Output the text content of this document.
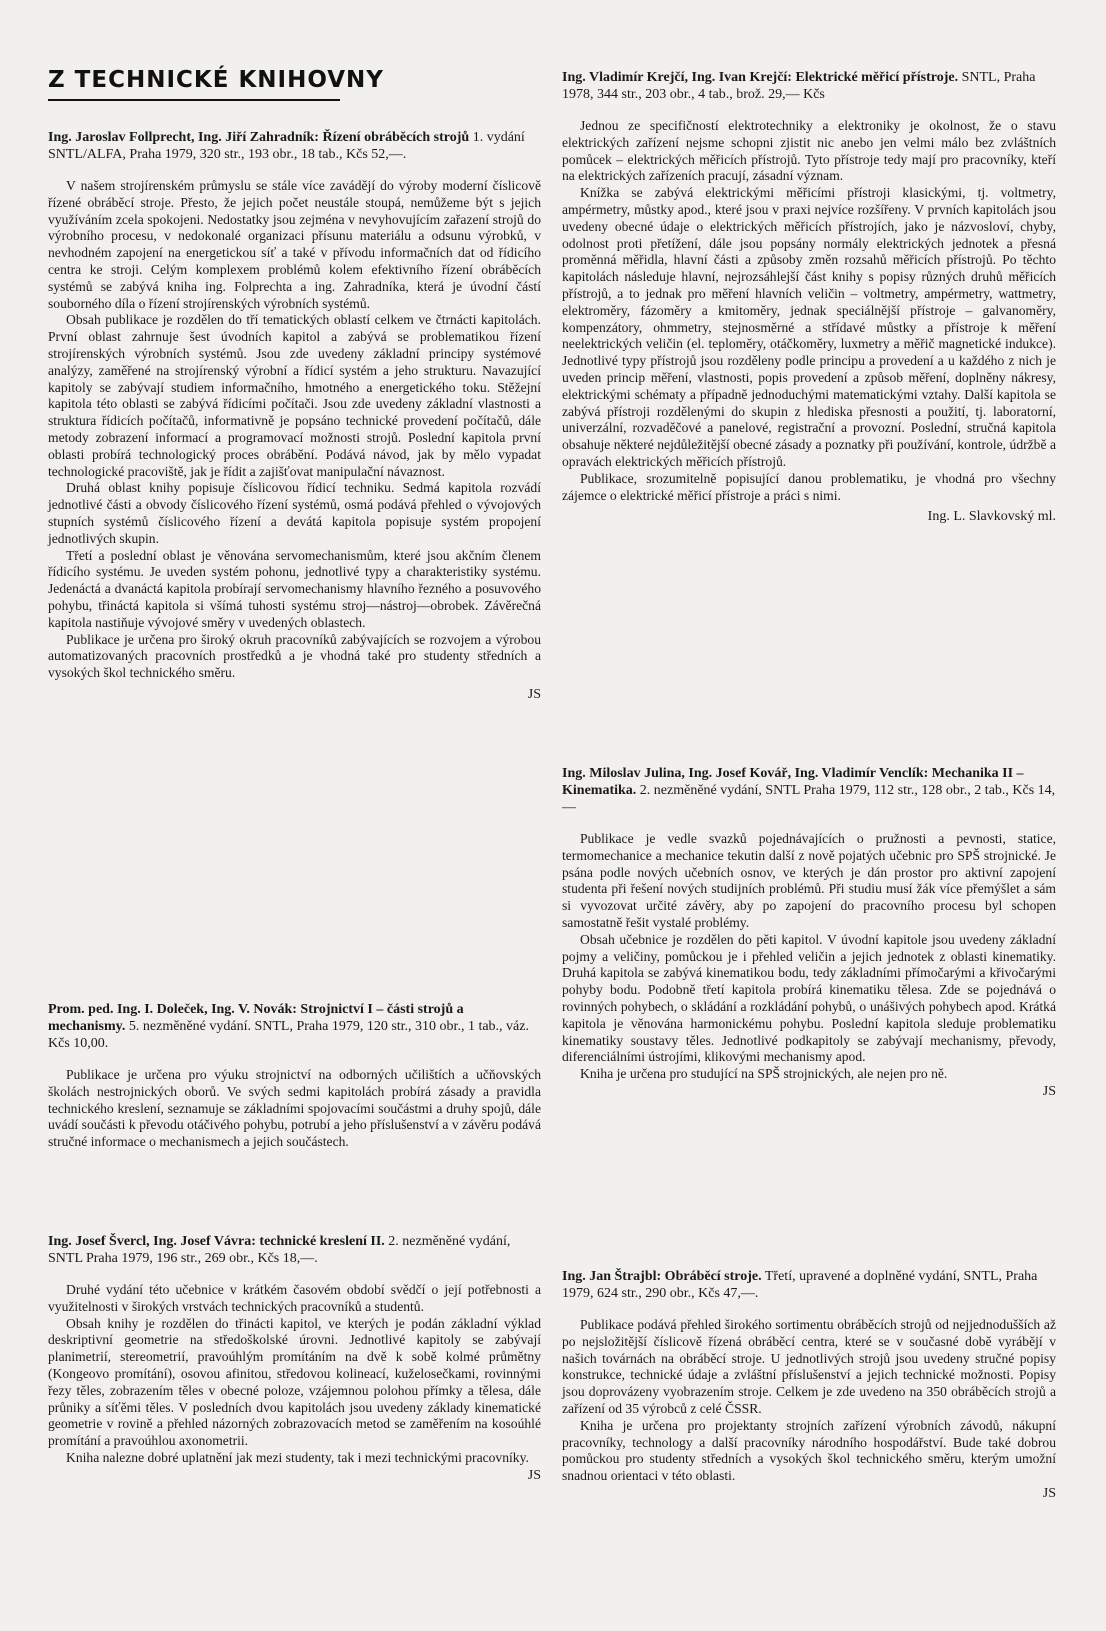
Z TECHNICKÉ KNIHOVNY
Ing. Jaroslav Follprecht, Ing. Jiří Zahradník: Řízení obráběcích strojů 1. vydání SNTL/ALFA, Praha 1979, 320 str., 193 obr., 18 tab., Kčs 52,—.

V našem strojírenském průmyslu se stále více zavádějí do výroby moderní číslicově řízené obráběcí stroje. Přesto, že jejich počet neustále stoupá, nemůžeme být s jejich využíváním zcela spokojeni. Nedostatky jsou zejména v nevyhovujícím zařazení strojů do výrobního procesu, v nedokonalé organizaci přísunu materiálu a odsunu výrobků, v nevhodném zapojení na energetickou síť a také v přívodu informačních dat od řídicího centra ke stroji. Celým komplexem problémů kolem efektivního řízení obráběcích systémů se zabývá kniha ing. Folprechta a ing. Zahradníka, která je úvodní částí souborného díla o řízení strojírenských výrobních systémů.

Obsah publikace je rozdělen do tří tematických oblastí celkem ve čtrnácti kapitolách. První oblast zahrnuje šest úvodních kapitol a zabývá se problematikou řízení strojírenských výrobních systémů. Jsou zde uvedeny základní principy systémové analýzy, zaměřené na strojírenský výrobní a řídicí systém a jeho strukturu. Navazující kapitoly se zabývají studiem informačního, hmotného a energetického toku. Stěžejní kapitola této oblasti se zabývá řídicími počítači. Jsou zde uvedeny základní vlastnosti a struktura řídicích počítačů, informativně je popsáno technické provedení počítačů, dále metody zobrazení informací a programovací možnosti strojů. Poslední kapitola první oblasti probírá technologický proces obrábění. Podává návod, jak by mělo vypadat technologické pracoviště, jak je řídit a zajišťovat manipulační návaznost.

Druhá oblast knihy popisuje číslicovou řídicí techniku. Sedmá kapitola rozvádí jednotlivé části a obvody číslicového řízení systémů, osmá podává přehled o vývojových stupních systémů číslicového řízení a devátá kapitola popisuje systém propojení jednotlivých skupin.

Třetí a poslední oblast je věnována servomechanismům, které jsou akčním členem řídicího systému. Je uveden systém pohonu, jednotlivé typy a charakteristiky systému. Jedenáctá a dvanáctá kapitola probírají servomechanismy hlavního řezného a posuvového pohybu, třináctá kapitola si všímá tuhosti systému stroj—nástroj—obrobek. Závěrečná kapitola nastiňuje vývojové směry v uvedených oblastech.

Publikace je určena pro široký okruh pracovníků zabývajících se rozvojem a výrobou automatizovaných pracovních prostředků a je vhodná také pro studenty středních a vysokých škol technického směru.

JS
Prom. ped. Ing. I. Doleček, Ing. V. Novák: Strojnictví I – části strojů a mechanismy. 5. nezměněné vydání. SNTL, Praha 1979, 120 str., 310 obr., 1 tab., váz. Kčs 10,00.

Publikace je určena pro výuku strojnictví na odborných učilištích a učňovských školách nestrojnických oborů. Ve svých sedmi kapitolách probírá zásady a pravidla technického kreslení, seznamuje se základními spojovacími součástmi a druhy spojů, dále uvádí součásti k převodu otáčivého pohybu, potrubí a jeho příslušenství a v závěru podává stručné informace o mechanismech a jejich součástech.

Ing. Josef Švercl, Ing. Josef Vávra: technické kreslení II. 2. nezměněné vydání, SNTL Praha 1979, 196 str., 269 obr., Kčs 18,—.

Druhé vydání této učebnice v krátkém časovém období svědčí o její potřebnosti a využitelnosti v širokých vrstvách technických pracovníků a studentů.

Obsah knihy je rozdělen do třinácti kapitol, ve kterých je podán základní výklad deskriptivní geometrie na středoškolské úrovni. Jednotlivé kapitoly se zabývají planimetrií, stereometrií, pravoúhlým promítáním na dvě k sobě kolmé průmětny (Kongeovo promítání), osovou afinitou, středovou kolineací, kuželosečkami, rovinnými řezy těles, zobrazením těles v obecné poloze, vzájemnou polohou přímky a tělesa, dále průniky a síťěmi těles. V posledních dvou kapitolách jsou uvedeny základy kinematické geometrie v rovině a přehled názorných zobrazovacích metod se zaměřením na kosoúhlé promítání a pravoúhlou axonometrii.

Kniha nalezne dobré uplatnění jak mezi studenty, tak i mezi technickými pracovníky.

JS
Ing. Vladimír Krejčí, Ing. Ivan Krejčí: Elektrické měřicí přístroje. SNTL, Praha 1978, 344 str., 203 obr., 4 tab., brož. 29,— Kčs

Jednou ze specifičností elektrotechniky a elektroniky je okolnost, že o stavu elektrických zařízení nejsme schopni zjistit nic anebo jen velmi málo bez zvláštních pomůcek – elektrických měřicích přístrojů. Tyto přístroje tedy mají pro pracovníky, kteří na elektrických zařízeních pracují, zásadní význam.

Knížka se zabývá elektrickými měřicími přístroji klasickými, tj. voltmetry, ampérmetry, můstky apod., které jsou v praxi nejvíce rozšířeny. V prvních kapitolách jsou uvedeny obecné údaje o elektrických měřicích přístrojích, jako je názvosloví, chyby, odolnost proti přetížení, dále jsou popsány normály elektrických jednotek a přesná proměnná měřidla, hlavní části a způsoby změn rozsahů měřicích přístrojů. Po těchto kapitolách následuje hlavní, nejrozsáhlejší část knihy s popisy různých druhů měřicích přístrojů, a to jednak pro měření hlavních veličin – voltmetry, ampérmetry, wattmetry, elektroměry, fázoměry a kmitoměry, jednak speciálnější přístroje – galvanoměry, kompenzátory, ohmmetry, stejnosměrné a střídavé můstky a přístroje k měření neelektrických veličin (el. teploměry, otáčkoměry, luxmetry a měřič magnetické indukce). Jednotlivé typy přístrojů jsou rozděleny podle principu a provedení a u každého z nich je uveden princip měření, vlastnosti, popis provedení a způsob měření, doplněny nákresy, elektrickými schématy a případně jednoduchými matematickými vztahy. Další kapitola se zabývá přístroji rozdělenými do skupin z hlediska přesnosti a použití, tj. laboratorní, univerzální, rozvaděčové a panelové, registrační a provozní. Poslední, stručná kapitola obsahuje některé nejdůležitější obecné zásady a poznatky při používání, kontrole, údržbě a opravách elektrických měřicích přístrojů.

Publikace, srozumitelně popisující danou problematiku, je vhodná pro všechny zájemce o elektrické měřicí přístroje a práci s nimi.

Ing. L. Slavkovský ml.
Ing. Miloslav Julina, Ing. Josef Kovář, Ing. Vladimír Venclík: Mechanika II – Kinematika. 2. nezměněné vydání, SNTL Praha 1979, 112 str., 128 obr., 2 tab., Kčs 14,—

Publikace je vedle svazků pojednávajících o pružnosti a pevnosti, statice, termomechanice a mechanice tekutin další z nově pojatých učebnic pro SPŠ strojnické. Je psána podle nových učebních osnov, ve kterých je dán prostor pro aktivní zapojení studenta při řešení nových studijních problémů. Při studiu musí žák více přemýšlet a sám si vyvozovat určité závěry, aby po zapojení do pracovního procesu byl schopen samostatně řešit vystalé problémy.

Obsah učebnice je rozdělen do pěti kapitol. V úvodní kapitole jsou uvedeny základní pojmy a veličiny, pomůckou je i přehled veličin a jejich jednotek z oblasti kinematiky. Druhá kapitola se zabývá kinematikou bodu, tedy základními přímočarými a křivočarými pohyby bodu. Podobně třetí kapitola probírá kinematiku tělesa. Zde se pojednává o rovinných pohybech, o skládání a rozkládání pohybů, o unášivých pohybech apod. Krátká kapitola je věnována harmonickému pohybu. Poslední kapitola sleduje problematiku kinematiky soustavy těles. Jednotlivé podkapitoly se zabývají mechanismy, převody, diferenciálními ústrojími, klikovými mechanismy apod.

Kniha je určena pro studující na SPŠ strojnických, ale nejen pro ně.

JS
Ing. Jan Štrajbl: Obráběcí stroje. Třetí, upravené a doplněné vydání, SNTL, Praha 1979, 624 str., 290 obr., Kčs 47,—.

Publikace podává přehled širokého sortimentu obráběcích strojů od nejjednodušších až po nejsložitější číslicově řízená obráběcí centra, které se v současné době vyrábějí v našich továrnách na obráběcí stroje. U jednotlivých strojů jsou uvedeny stručné popisy konstrukce, technické údaje a zvláštní příslušenství a jejich technické možnosti. Popisy jsou doprovázeny vyobrazením stroje. Celkem je zde uvedeno na 350 obráběcích strojů a zařízení od 35 výrobců z celé ČSSR.

Kniha je určena pro projektanty strojních zařízení výrobních závodů, nákupní pracovníky, technology a další pracovníky národního hospodářství. Bude také dobrou pomůckou pro studenty středních a vysokých škol technického směru, kterým umožní snadnou orientaci v této oblasti.

JS
